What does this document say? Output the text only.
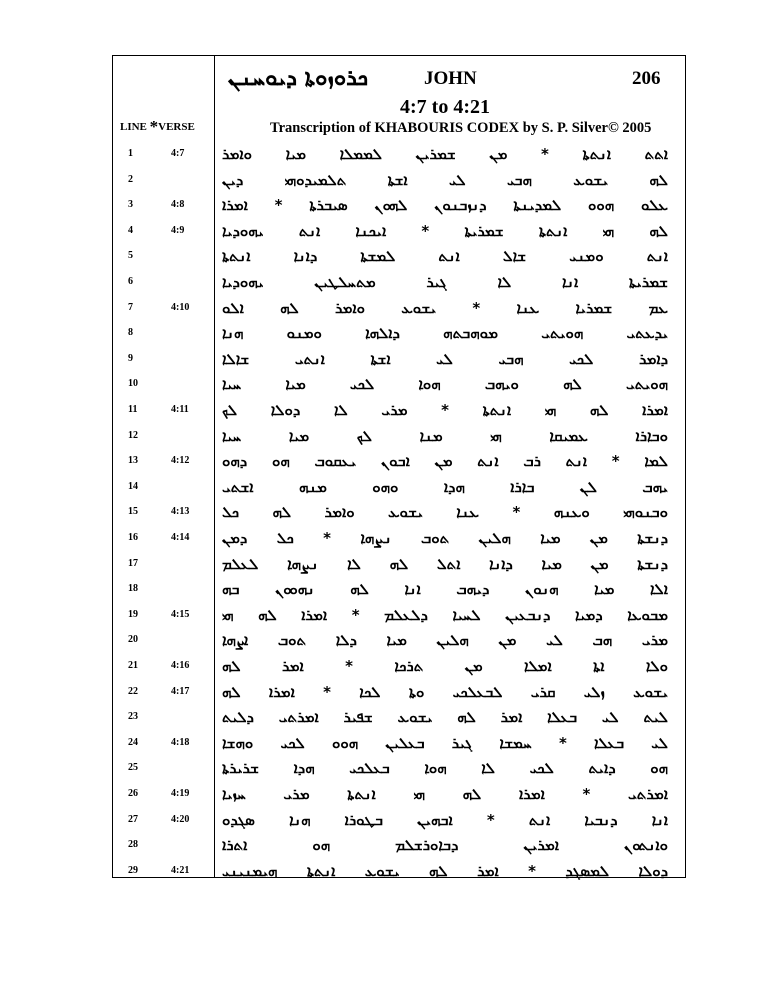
ܟܪܘܙܘܬܐ ܕܝܘܚܢܢ	JOHN	206
4:7 to 4:21
Transcription of KHABOURIS CODEX by S. P. Silver© 2005
LINE *VERSE
1	4:7	ܐܬܬ ܐܢܬܬܐ * ܡܢ ܫܡܪܝܢ ܠܡܡܠܐ ܡܝܐ ܘܐܡܪ
2	ܠܗ ܝܫܘܥ ܗܒܝ ܠܝ ܐܫܬܐ ܬܠܡܝܕܘܗܝ ܕܝܢ
3	4:8	ܥܠܘ ܗܘܘ ܠܡܕܝܢܬܐ ܕܢܙܒܢܘܢ ܠܗܘܢ ܣܝܒܪܬܐ * ܐܡܪܐ
4	4:9	ܠܗ ܗܝ ܐܢܬܬܐ ܫܡܪܝܬܐ * ܐܝܟܢܐ ܐܢܬ ܝܗܘܕܝܐ
5	ܐܢܬ ܘܡܢܝ ܫܐܠ ܐܢܬ ܠܡܫܬܐ ܕܐܢܐ ܐܢܬܬܐ
6	ܫܡܪܝܬܐ ܐܢܐ ܠܐ ܓܝܪ ܡܬܚܠܛܝܢ ܝܗܘܕܝܐ
7	4:10 ܥܡ ܫܡܪܝܐ ܥܢܐ * ܝܫܘܥ ܘܐܡܪ ܠܗ ܐܠܘ
8	ܝܕܥܬܝ ܗܘܝܬܝ ܡܘܗܒܬܗ ܕܐܠܗܐ ܘܡܢܘ ܗܢܐ
9	ܕܐܡܪ ܠܟܝ ܗܒܝ ܠܝ ܐܫܬܐ ܐܢܬܝ ܫܐܠܐ
10	ܗܘܝܬܝ ܠܗ ܘܝܗܒ ܗܘܐ ܠܟܝ ܡܝܐ ܚܝܐ
11	4:11 ܐܡܪܐ ܠܗ ܗܝ ܐܢܬܬܐ * ܡܪܝ ܠܐ ܕܘܠܐ ܠܟ
12	ܘܒܐܪܐ ܥܡܝܩܐ ܗܝ ܡܢܐ ܠܟ ܡܝܐ ܚܝܐ
13	4:12 ܠܡܐ * ܐܢܬ ܪܒ ܐܢܬ ܡܢ ܐܒܘܢ ܝܥܩܘܒ ܗܘ ܕܗܘ
14	ܝܗܒ ܠܢ ܒܐܪܐ ܗܕܐ ܘܗܘ ܡܢܗ ܐܫܬܝ
15	4:13 ܘܒܢܘܗܝ ܘܥܢܗ * ܥܢܐ ܝܫܘܥ ܘܐܡܪ ܠܗ ܟܠ
16	4:14 ܕܢܫܬܐ ܡܢ ܡܝܐ ܗܠܝܢ ܬܘܒ ܢܨܗܐ * ܟܠ ܕܡܢ
17	ܕܢܫܬܐ ܡܢ ܡܝܐ ܕܐܢܐ ܐܬܠ ܠܗ ܠܐ ܢܨܗܐ ܠܥܠܡ
18	ܐܠܐ ܡܝܐ ܗܢܘܢ ܕܝܗܒ ܐܢܐ ܠܗ ܢܗܘܘܢ ܒܗ
19	4:15 ܡܒܘܥܐ ܕܡܝܐ ܕܢܒܥܝܢ ܠܚܝܐ ܕܠܥܠܡ * ܐܡܪܐ ܠܗ ܗܝ
20	ܡܪܝ ܗܒ ܠܝ ܡܢ ܗܠܝܢ ܡܝܐ ܕܠܐ ܬܘܒ ܐܨܗܐ
21	4:16 ܘܠܐ ܐܬܐ ܐܡܠܐ ܡܢ ܬܪܟܐ * ܐܡܪ ܠܗ
22	4:17 ܝܫܘܥ ܙܠܝ ܩܪܝ ܠܒܥܠܟܝ ܘܬܐ ܠܟܐ * ܐܡܪܐ ܠܗ
23	ܠܝܬ ܠܝ ܒܥܠܐ ܐܡܪ ܠܗ ܝܫܘܥ ܫܦܝܪ ܐܡܪܬܝ ܕܠܝܬ
24	4:18 ܠܝ ܒܥܠܐ * ܚܡܫܐ ܓܝܪ ܒܥܠܝܢ ܗܘܘ ܠܟܝ ܘܗܫܐ
25	ܗܘ ܕܐܝܬ ܠܟܝ ܠܐ ܗܘܐ ܒܥܠܟܝ ܗܕܐ ܫܪܝܪܬܐ
26	4:19 ܐܡܪܬܝ * ܐܡܪܐ ܠܗ ܗܝ ܐܢܬܬܐ ܡܪܝ ܚܙܝܐ
27	4:20 ܐܢܐ ܕܢܒܝܐ ܐܢܬ * ܐܒܗܝܢ ܒܛܘܪܐ ܗܢܐ ܣܓܕܘ
28	ܘܐܢܬܘܢ ܐܡܪܝܢ ܕܒܐܘܪܫܠܡ ܗܘ ܐܬܪܐ
29	4:21 ܕܘܠܐ ܠܡܣܓܕ * ܐܡܪ ܠܗ ܝܫܘܥ ܐܢܬܬܐ ܗܝܡܢܝܢܝ
